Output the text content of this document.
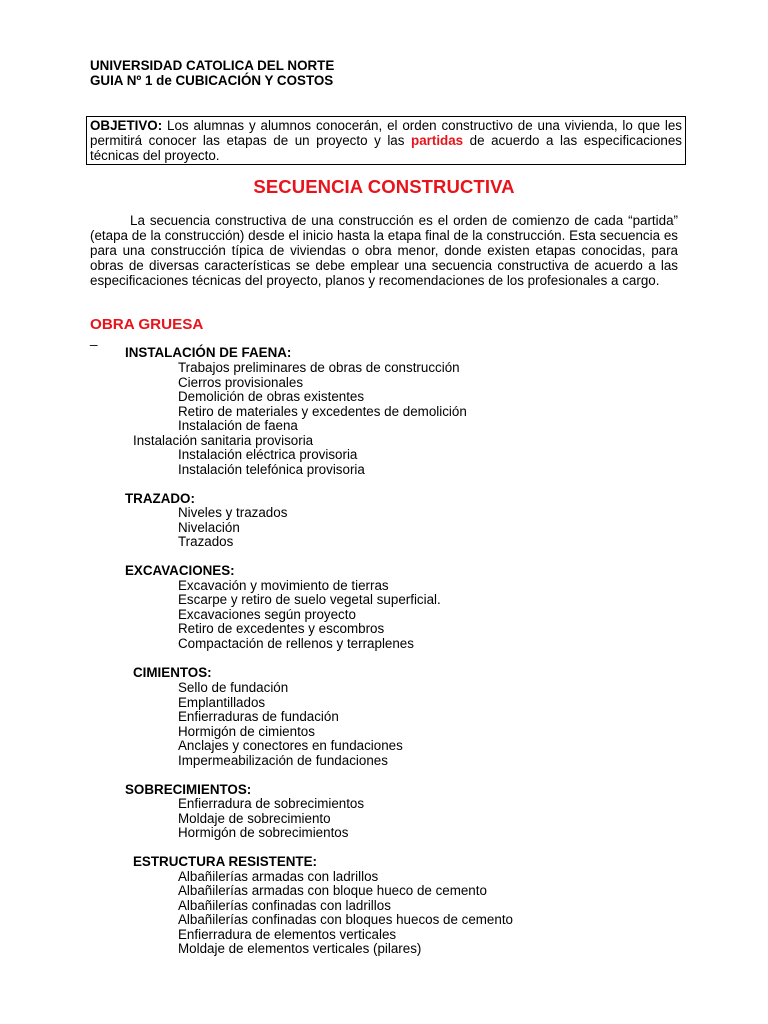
UNIVERSIDAD CATOLICA DEL NORTE
GUIA Nº 1 de CUBICACIÓN Y COSTOS
OBJETIVO: Los alumnas y alumnos conocerán, el orden constructivo de una vivienda, lo que les permitirá conocer las etapas de un proyecto y las partidas de acuerdo a las especificaciones técnicas del proyecto.
SECUENCIA CONSTRUCTIVA
La secuencia constructiva de una construcción es el orden de comienzo de cada “partida” (etapa de la construcción) desde el inicio hasta la etapa final de la construcción. Esta secuencia es para una construcción típica de viviendas o obra menor, donde existen etapas conocidas, para obras de diversas características se debe emplear una secuencia constructiva de acuerdo a las especificaciones técnicas del proyecto, planos y recomendaciones de los profesionales a cargo.
OBRA GRUESA
_
INSTALACIÓN DE FAENA:
Trabajos preliminares de obras de construcción
Cierros provisionales
Demolición de obras existentes
Retiro de materiales y excedentes de demolición
Instalación de faena
Instalación sanitaria provisoria
Instalación eléctrica provisoria
Instalación telefónica provisoria
TRAZADO:
Niveles y trazados
Nivelación
Trazados
EXCAVACIONES:
Excavación y movimiento de tierras
Escarpe y retiro de suelo vegetal superficial.
Excavaciones según proyecto
Retiro de excedentes y escombros
Compactación de rellenos y terraplenes
CIMIENTOS:
Sello de fundación
Emplantillados
Enfierraduras de fundación
Hormigón de cimientos
Anclajes y conectores en fundaciones
Impermeabilización de fundaciones
SOBRECIMIENTOS:
Enfierradura de sobrecimientos
Moldaje de sobrecimiento
Hormigón de sobrecimientos
ESTRUCTURA RESISTENTE:
Albañilerías armadas con ladrillos
Albañilerías armadas con bloque hueco de cemento
Albañilerías confinadas con ladrillos
Albañilerías confinadas con bloques huecos de cemento
Enfierradura de elementos verticales
Moldaje de elementos verticales (pilares)
